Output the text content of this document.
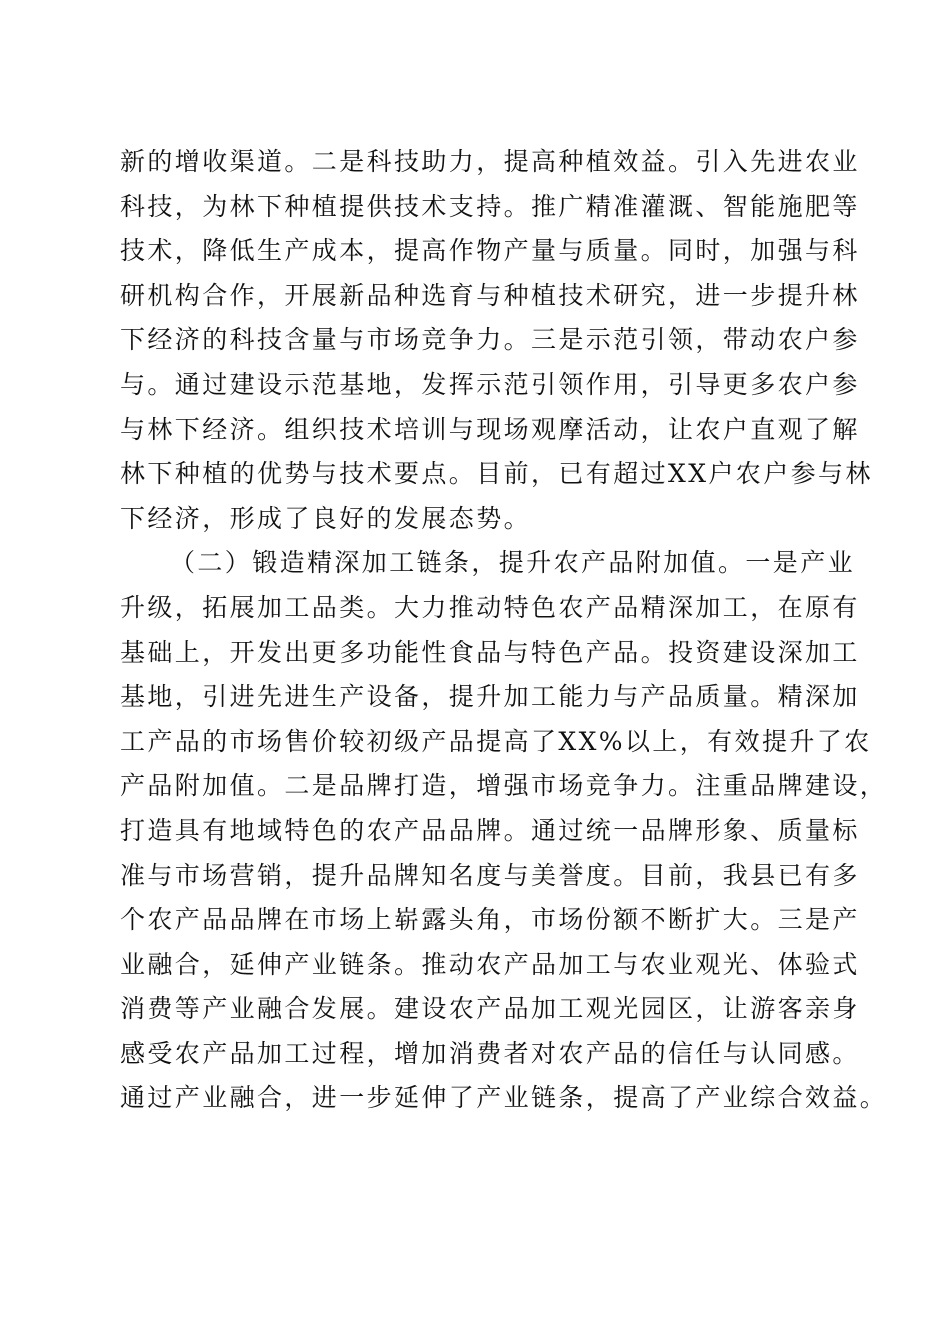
新的增收渠道。二是科技助力，提高种植效益。引入先进农业
科技，为林下种植提供技术支持。推广精准灌溉、智能施肥等
技术，降低生产成本，提高作物产量与质量。同时，加强与科
研机构合作，开展新品种选育与种植技术研究，进一步提升林
下经济的科技含量与市场竞争力。三是示范引领，带动农户参
与。通过建设示范基地，发挥示范引领作用，引导更多农户参
与林下经济。组织技术培训与现场观摩活动，让农户直观了解
林下种植的优势与技术要点。目前，已有超过XX户农户参与林
下经济，形成了良好的发展态势。
（二）锻造精深加工链条，提升农产品附加值。一是产业
升级，拓展加工品类。大力推动特色农产品精深加工，在原有
基础上，开发出更多功能性食品与特色产品。投资建设深加工
基地，引进先进生产设备，提升加工能力与产品质量。精深加
工产品的市场售价较初级产品提高了XX%以上，有效提升了农
产品附加值。二是品牌打造，增强市场竞争力。注重品牌建设，
打造具有地域特色的农产品品牌。通过统一品牌形象、质量标
准与市场营销，提升品牌知名度与美誉度。目前，我县已有多
个农产品品牌在市场上崭露头角，市场份额不断扩大。三是产
业融合，延伸产业链条。推动农产品加工与农业观光、体验式
消费等产业融合发展。建设农产品加工观光园区，让游客亲身
感受农产品加工过程，增加消费者对农产品的信任与认同感。
通过产业融合，进一步延伸了产业链条，提高了产业综合效益。
